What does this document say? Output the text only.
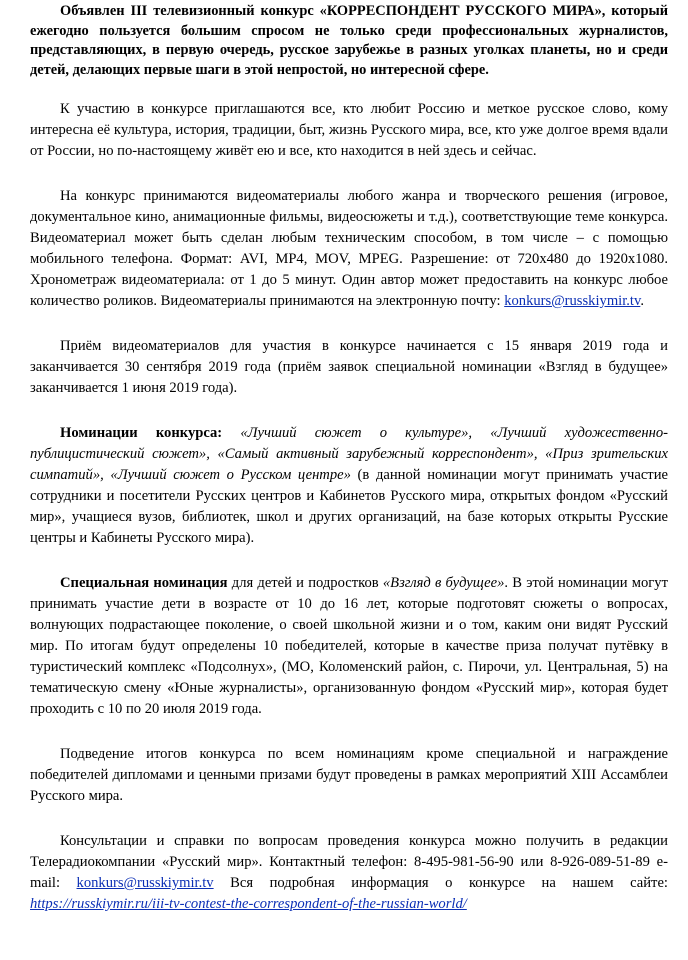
Объявлен III телевизионный конкурс «КОРРЕСПОНДЕНТ РУССКОГО МИРА», который ежегодно пользуется большим спросом не только среди профессиональных журналистов, представляющих, в первую очередь, русское зарубежье в разных уголках планеты, но и среди детей, делающих первые шаги в этой непростой, но интересной сфере.

К участию в конкурсе приглашаются все, кто любит Россию и меткое русское слово, кому интересна её культура, история, традиции, быт, жизнь Русского мира, все, кто уже долгое время вдали от России, но по-настоящему живёт ею и все, кто находится в ней здесь и сейчас.

На конкурс принимаются видеоматериалы любого жанра и творческого решения (игровое, документальное кино, анимационные фильмы, видеосюжеты и т.д.), соответствующие теме конкурса. Видеоматериал может быть сделан любым техническим способом, в том числе – с помощью мобильного телефона. Формат: AVI, MP4, MOV, MPEG. Разрешение: от 720х480 до 1920х1080. Хронометраж видеоматериала: от 1 до 5 минут. Один автор может предоставить на конкурс любое количество роликов. Видеоматериалы принимаются на электронную почту: konkurs@russkiymir.tv.

Приём видеоматериалов для участия в конкурсе начинается с 15 января 2019 года и заканчивается 30 сентября 2019 года (приём заявок специальной номинации «Взгляд в будущее» заканчивается 1 июня 2019 года).

Номинации конкурса: «Лучший сюжет о культуре», «Лучший художественно-публицистический сюжет», «Самый активный зарубежный корреспондент», «Приз зрительских симпатий», «Лучший сюжет о Русском центре» (в данной номинации могут принимать участие сотрудники и посетители Русских центров и Кабинетов Русского мира, открытых фондом «Русский мир», учащиеся вузов, библиотек, школ и других организаций, на базе которых открыты Русские центры и Кабинеты Русского мира).

Специальная номинация для детей и подростков «Взгляд в будущее». В этой номинации могут принимать участие дети в возрасте от 10 до 16 лет, которые подготовят сюжеты о вопросах, волнующих подрастающее поколение, о своей школьной жизни и о том, каким они видят Русский мир. По итогам будут определены 10 победителей, которые в качестве приза получат путёвку в туристический комплекс «Подсолнух», (МО, Коломенский район, с. Пирочи, ул. Центральная, 5) на тематическую смену «Юные журналисты», организованную фондом «Русский мир», которая будет проходить с 10 по 20 июля 2019 года.

Подведение итогов конкурса по всем номинациям кроме специальной и награждение победителей дипломами и ценными призами будут проведены в рамках мероприятий XIII Ассамблеи Русского мира.

Консультации и справки по вопросам проведения конкурса можно получить в редакции Телерадиокомпании «Русский мир». Контактный телефон: 8-495-981-56-90 или 8-926-089-51-89 e-mail: konkurs@russkiymir.tv Вся подробная информация о конкурсе на нашем сайте: https://russkiymir.ru/iii-tv-contest-the-correspondent-of-the-russian-world/
